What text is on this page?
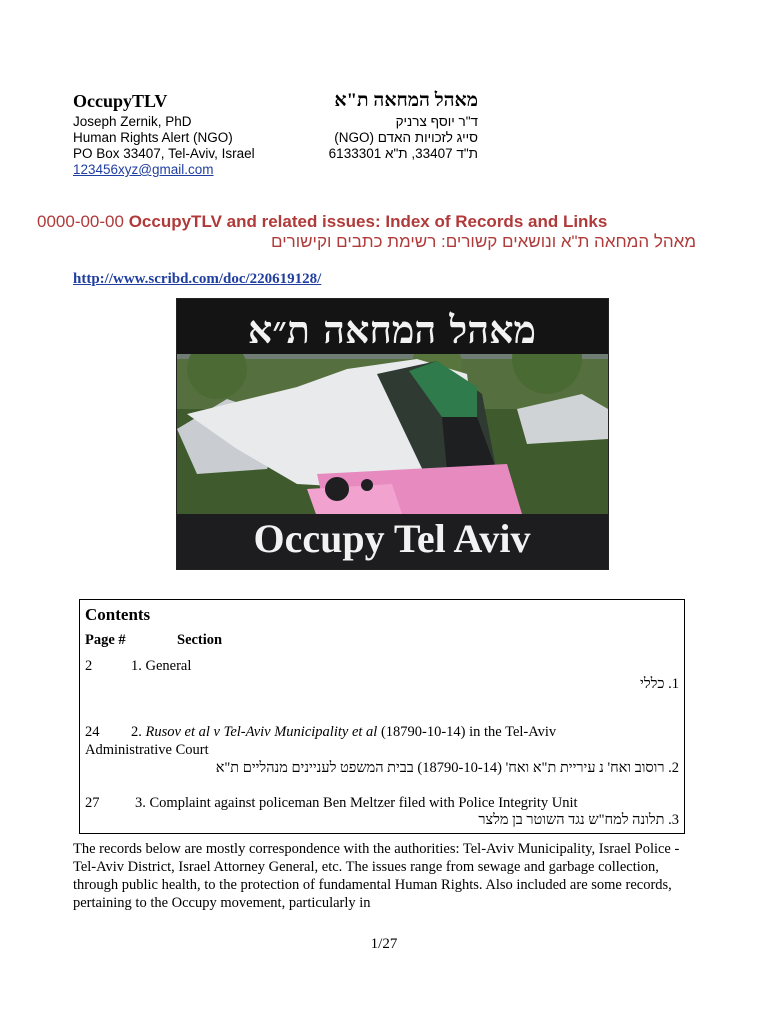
OccupyTLV	מאהל המחאה ת"א
Joseph Zernik, PhD
Human Rights Alert (NGO)
PO Box 33407, Tel-Aviv, Israel
123456xyz@gmail.com
ד"ר יוסף צרניק
סייג לזכויות האדם (NGO)
ת"ד 33407, ת"א 6133301
0000-00-00 OccupyTLV and related issues: Index of Records and Links
מאהל המחאה ת"א ונושאים קשורים: רשימת כתבים וקישורים
http://www.scribd.com/doc/220619128/
מאהל המחאה ת״א
Occupy Tel Aviv
Contents
Page #	Section
2	1. General
1. כללי
24 2. Rusov et al v Tel-Aviv Municipality et al (18790-10-14) in the Tel-Aviv
Administrative Court
2. רוסוב ואח' נ עיריית ת"א ואח' (18790-10-14) בבית המשפט לעניינים מנהליים ת"א
27 3. Complaint against policeman Ben Meltzer filed with Police Integrity Unit
3. תלונה למח"ש נגד השוטר בן מלצר
The records below are mostly correspondence with the authorities: Tel-Aviv Municipality, Israel Police - Tel-Aviv District, Israel Attorney General, etc. The issues range from sewage and garbage collection, through public health, to the protection of fundamental Human Rights. Also included are some records, pertaining to the Occupy movement, particularly in
1/27
